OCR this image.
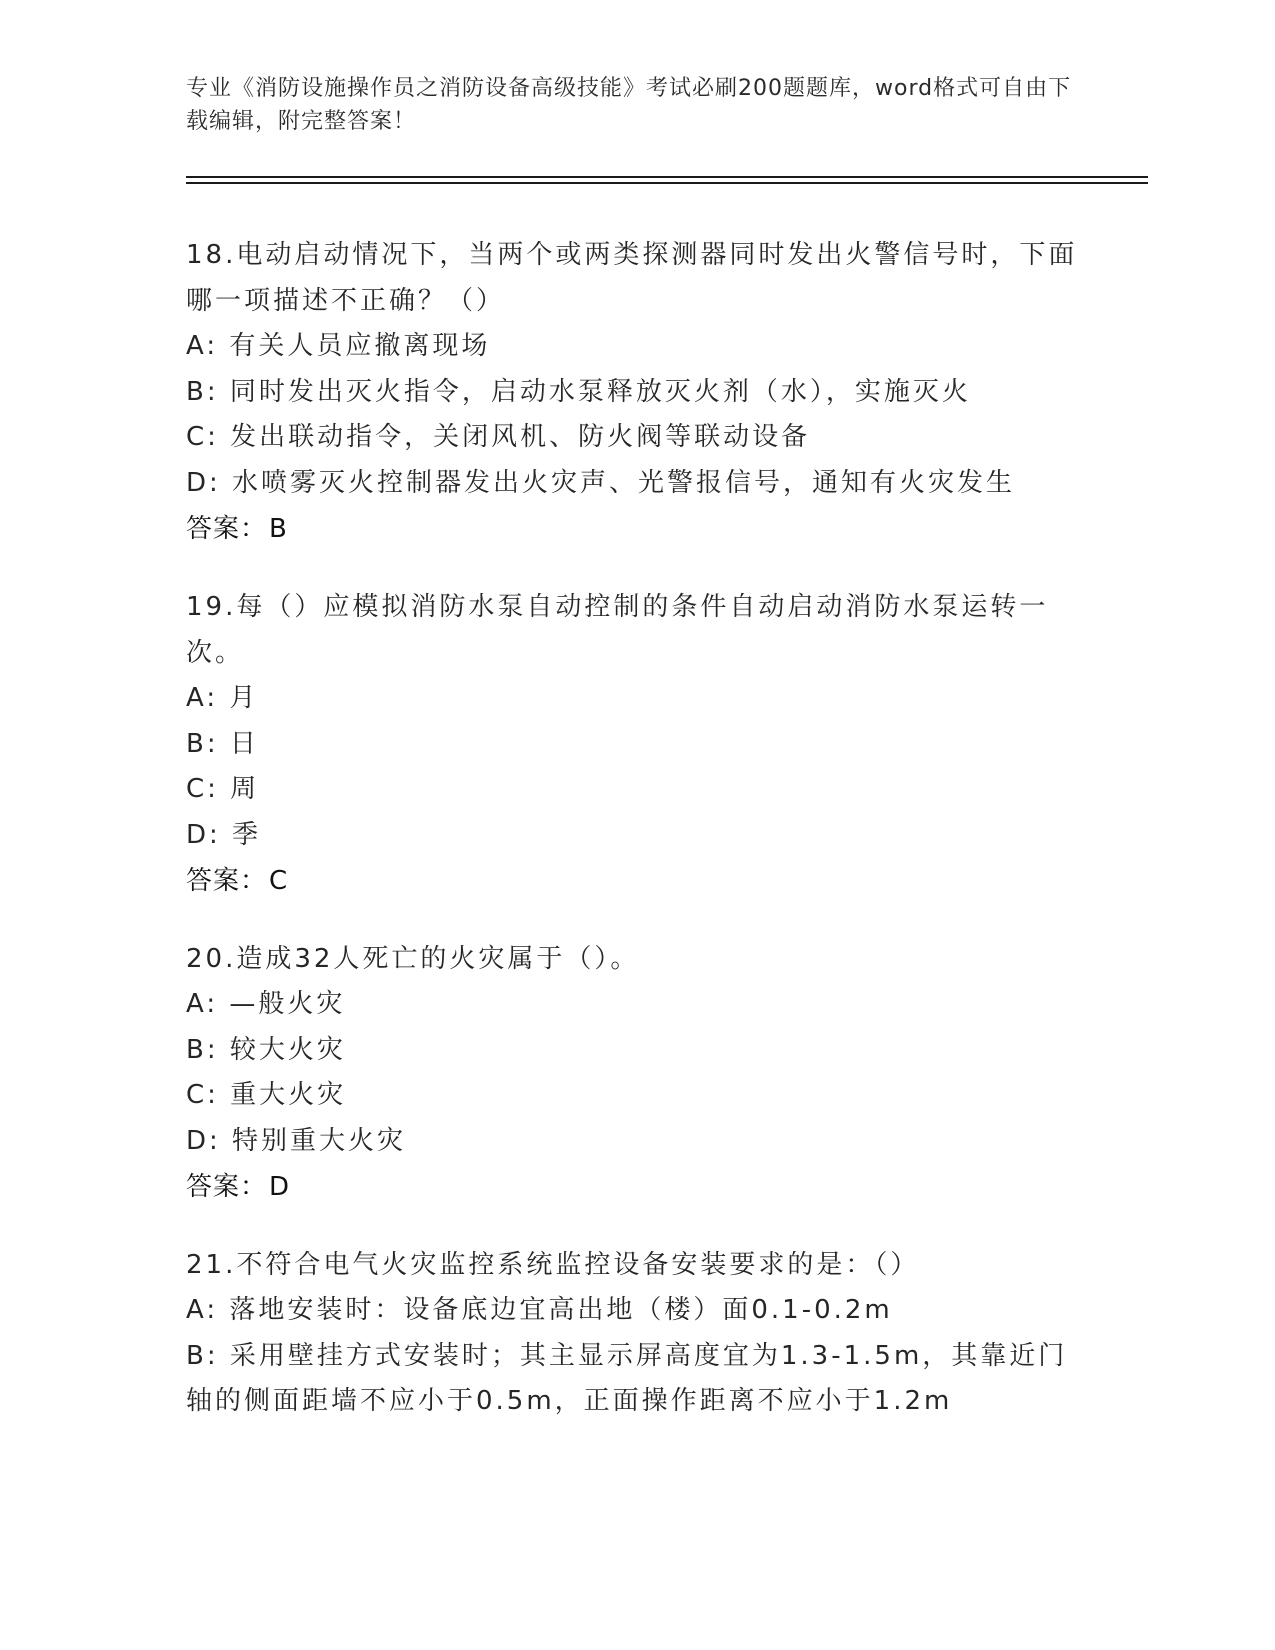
专业《消防设施操作员之消防设备高级技能》考试必刷200题题库，word格式可自由下载编辑，附完整答案！
18.电动启动情况下，当两个或两类探测器同时发出火警信号时，下面哪一项描述不正确？（）
A: 有关人员应撤离现场
B: 同时发出灭火指令，启动水泵释放灭火剂（水），实施灭火
C: 发出联动指令，关闭风机、防火阀等联动设备
D: 水喷雾灭火控制器发出火灾声、光警报信号，通知有火灾发生
答案：B
19.每（）应模拟消防水泵自动控制的条件自动启动消防水泵运转一次。
A: 月
B: 日
C: 周
D: 季
答案：C
20.造成32人死亡的火灾属于（）。
A: —般火灾
B: 较大火灾
C: 重大火灾
D: 特别重大火灾
答案：D
21.不符合电气火灾监控系统监控设备安装要求的是：（）
A: 落地安装时：设备底边宜高出地（楼）面0.1-0.2m
B: 采用壁挂方式安装时；其主显示屏高度宜为1.3-1.5m，其靠近门轴的侧面距墙不应小于0.5m，正面操作距离不应小于1.2m
